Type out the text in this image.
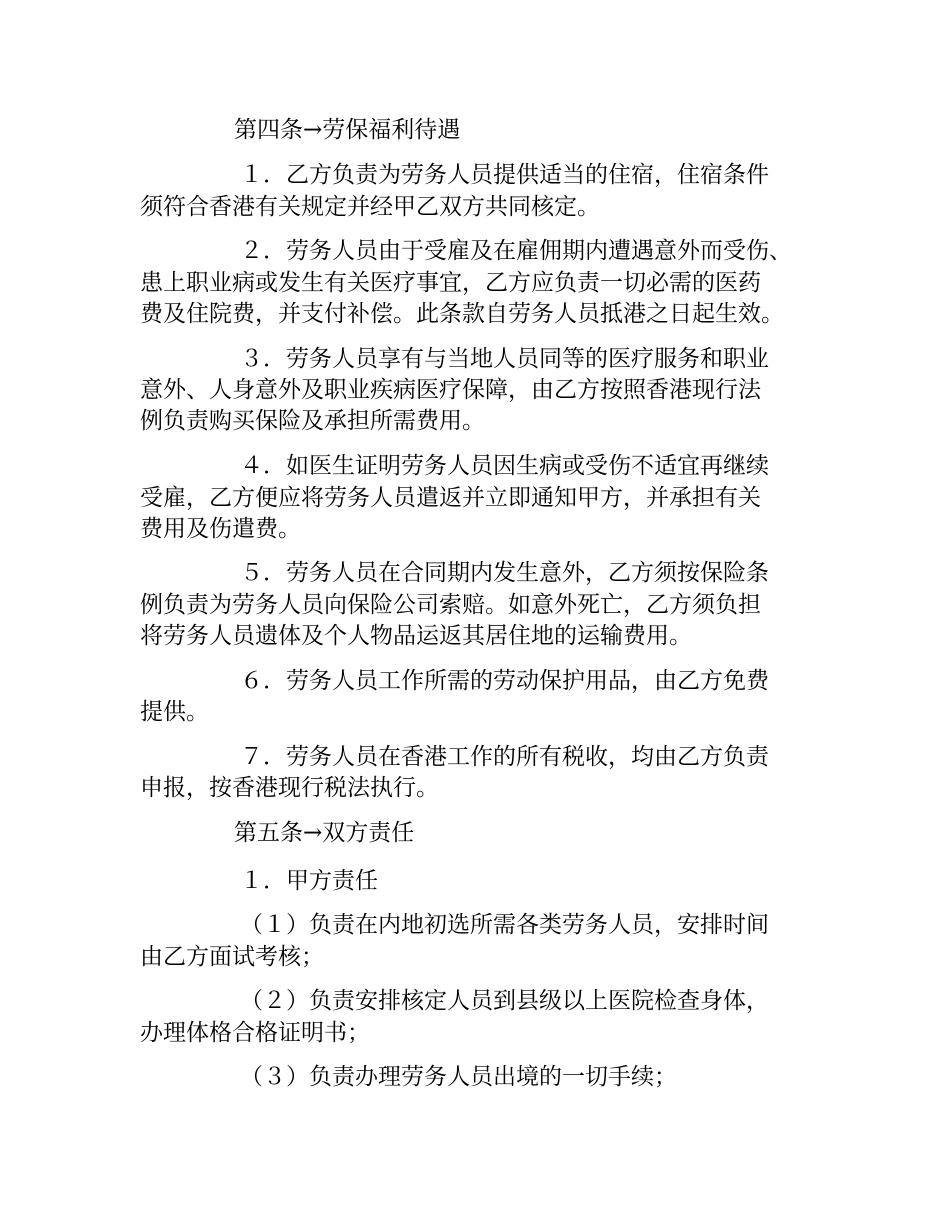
第四条→劳保福利待遇
１．乙方负责为劳务人员提供适当的住宿，住宿条件
须符合香港有关规定并经甲乙双方共同核定。
２．劳务人员由于受雇及在雇佣期内遭遇意外而受伤、
患上职业病或发生有关医疗事宜，乙方应负责一切必需的医药
费及住院费，并支付补偿。此条款自劳务人员抵港之日起生效。
３．劳务人员享有与当地人员同等的医疗服务和职业
意外、人身意外及职业疾病医疗保障，由乙方按照香港现行法
例负责购买保险及承担所需费用。
４．如医生证明劳务人员因生病或受伤不适宜再继续
受雇，乙方便应将劳务人员遣返并立即通知甲方，并承担有关
费用及伤遣费。
５．劳务人员在合同期内发生意外，乙方须按保险条
例负责为劳务人员向保险公司索赔。如意外死亡，乙方须负担
将劳务人员遗体及个人物品运返其居住地的运输费用。
６．劳务人员工作所需的劳动保护用品，由乙方免费
提供。
７．劳务人员在香港工作的所有税收，均由乙方负责
申报，按香港现行税法执行。
第五条→双方责任
１．甲方责任
（１）负责在内地初选所需各类劳务人员，安排时间
由乙方面试考核；
（２）负责安排核定人员到县级以上医院检查身体，
办理体格合格证明书；
（３）负责办理劳务人员出境的一切手续；
